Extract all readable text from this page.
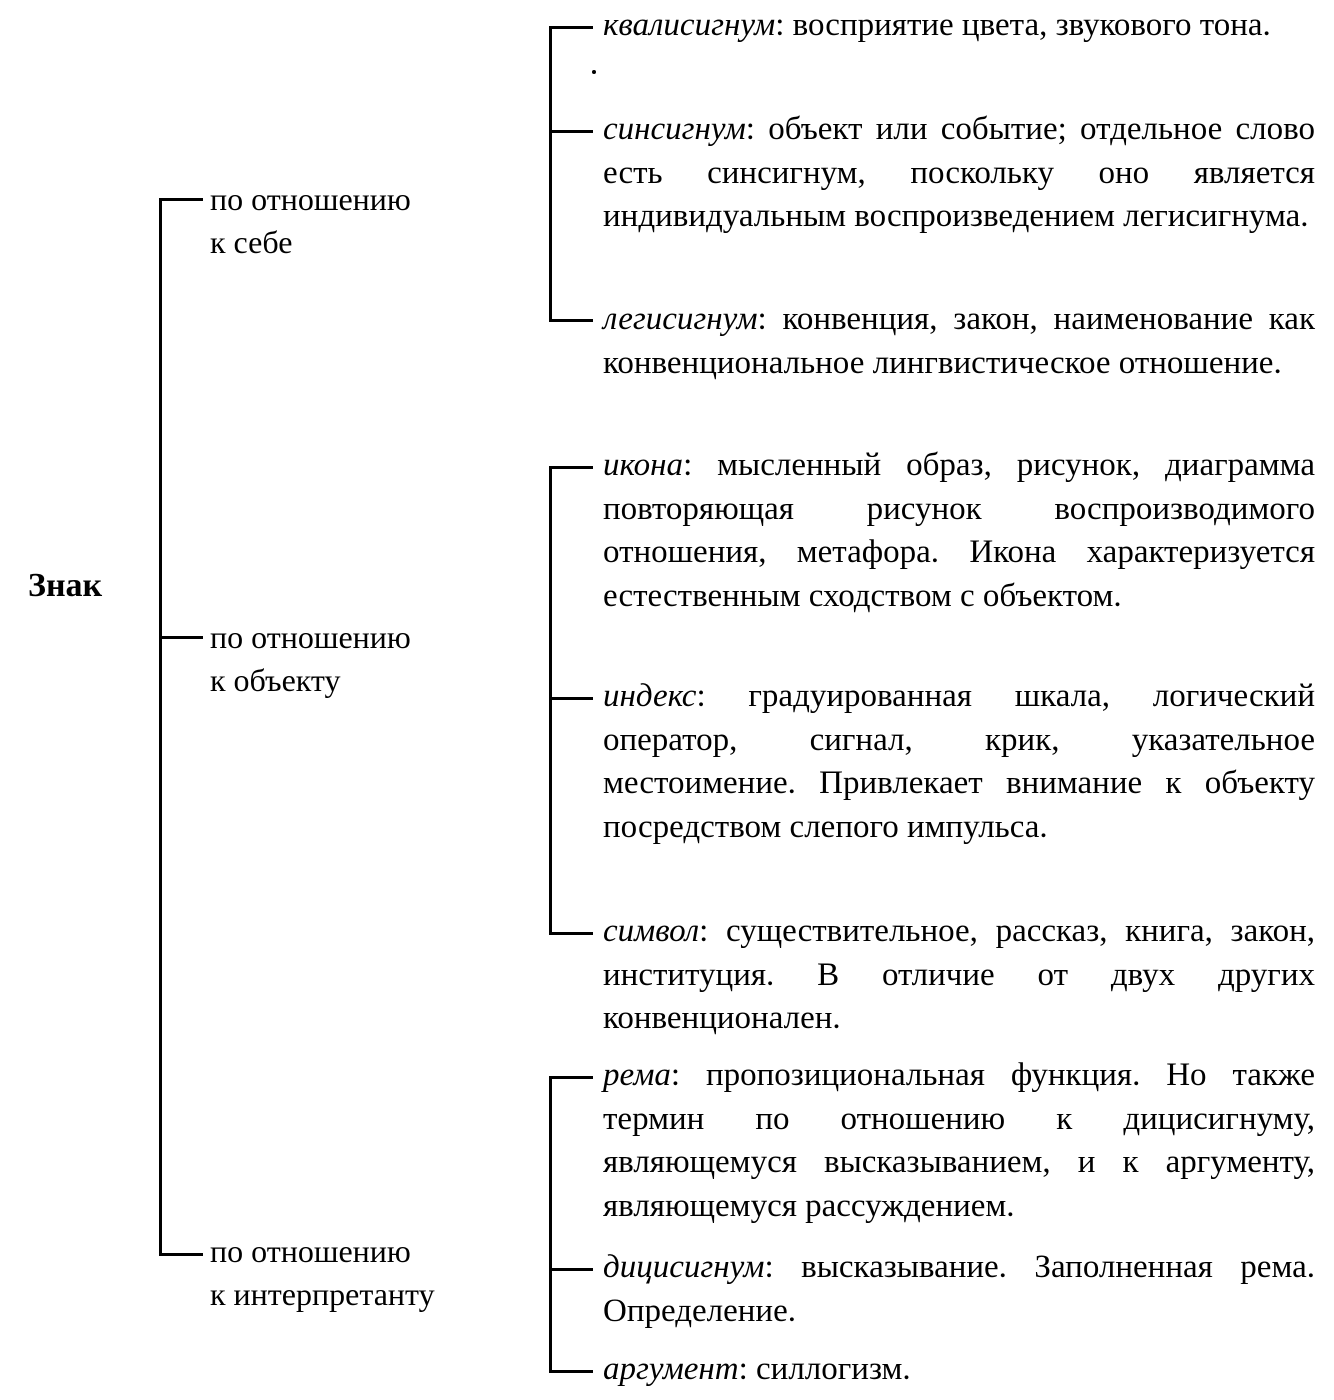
Знак
по отношению
к себе
по отношению
к объекту
по отношению
к интерпретанту
квалисигнум: восприятие цвета, звукового тона.
синсигнум: объект или событие; отдельное слово есть синсигнум, поскольку оно является индивидуальным воспроизведением легисигнума.
легисигнум: конвенция, закон, наименование как конвенциональное лингвистическое отношение.
икона: мысленный образ, рисунок, диаграмма повторяющая рисунок воспроизводимого отношения, метафора. Икона характеризуется естественным сходством с объектом.
индекс: градуированная шкала, логический оператор, сигнал, крик, указательное местоимение. Привлекает внимание к объекту посредством слепого импульса.
символ: существительное, рассказ, книга, закон, институция. В отличие от двух других конвенционален.
рема: пропозициональная функция. Но также термин по отношению к дицисигнуму, являющемуся высказыванием, и к аргументу, являющемуся рассуждением.
дицисигнум: высказывание. Заполненная рема. Определение.
аргумент: силлогизм.
